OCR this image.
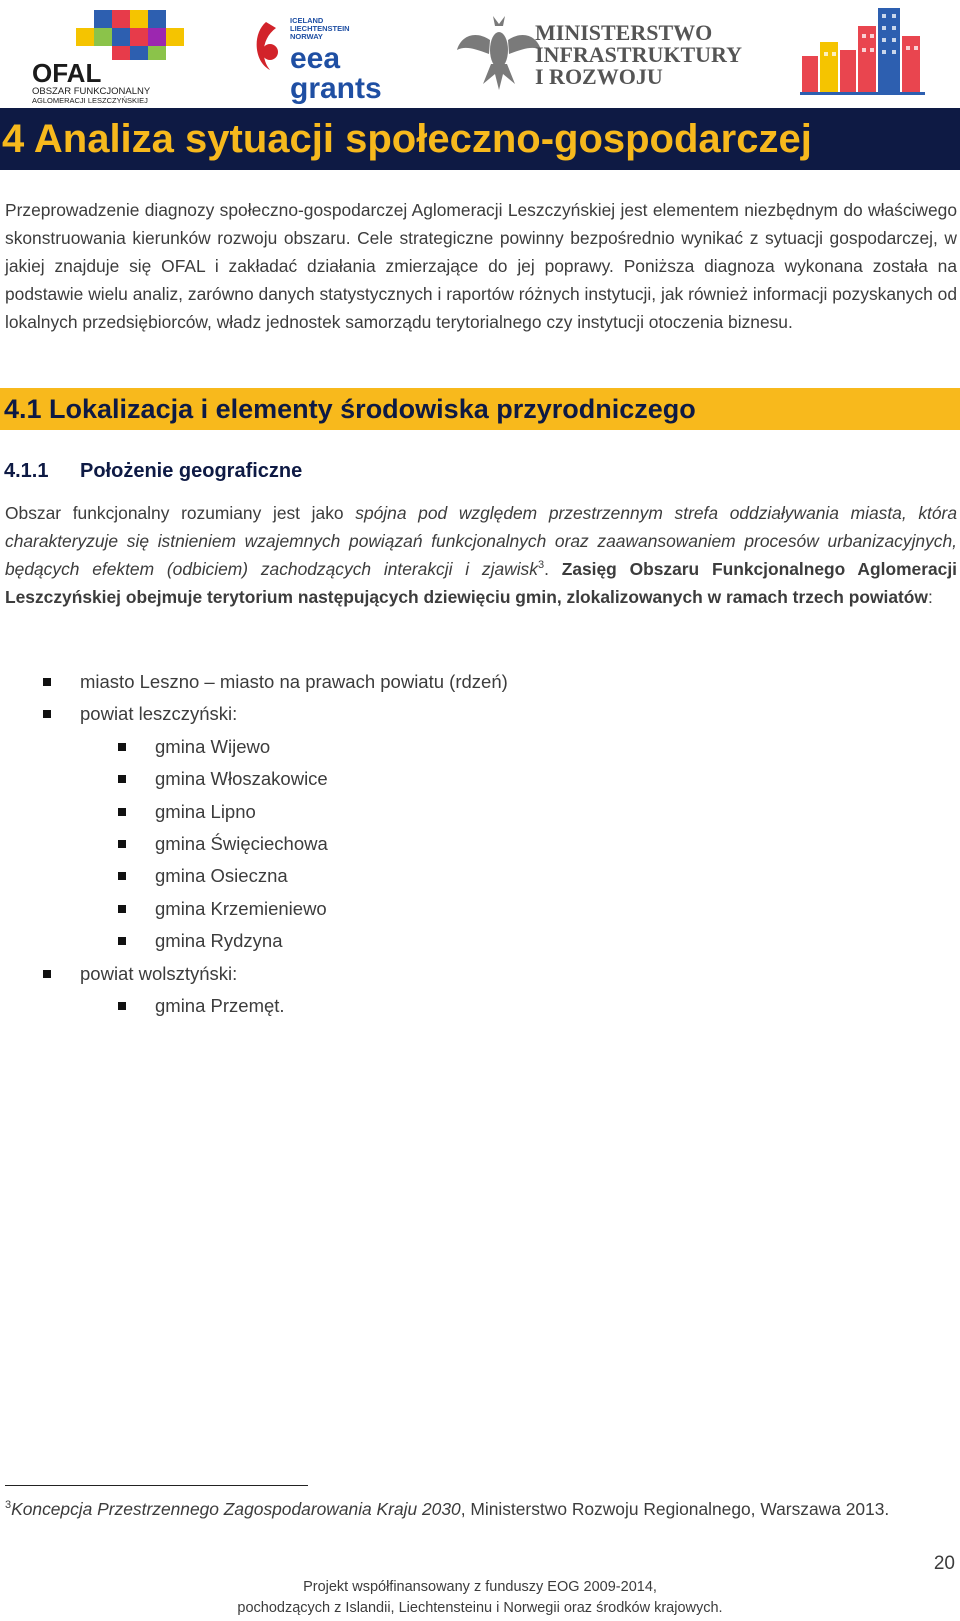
OFAL
OBSZAR FUNKCJONALNY
AGLOMERACJI LESZCZYŃSKIEJ
ICELAND
LIECHTENSTEIN
NORWAY
eea
grants
MINISTERSTWO
INFRASTRUKTURY
I ROZWOJU
4 Analiza sytuacji społeczno-gospodarczej

Przeprowadzenie diagnozy społeczno-gospodarczej Aglomeracji Leszczyńskiej jest elementem niezbędnym do właściwego skonstruowania kierunków rozwoju obszaru. Cele strategiczne powinny bezpośrednio wynikać z sytuacji gospodarczej, w jakiej znajduje się OFAL i zakładać działania zmierzające do jej poprawy. Poniższa diagnoza wykonana została na podstawie wielu analiz, zarówno danych statystycznych i raportów różnych instytucji, jak również informacji pozyskanych od lokalnych przedsiębiorców, władz jednostek samorządu terytorialnego czy instytucji otoczenia biznesu.

4.1 Lokalizacja i elementy środowiska przyrodniczego
4.1.1 Położenie geograficzne

Obszar funkcjonalny rozumiany jest jako spójna pod względem przestrzennym strefa oddziaływania miasta, która charakteryzuje się istnieniem wzajemnych powiązań funkcjonalnych oraz zaawansowaniem procesów urbanizacyjnych, będących efektem (odbiciem) zachodzących interakcji i zjawisk$^3$. Zasięg Obszaru Funkcjonalnego Aglomeracji Leszczyńskiej obejmuje terytorium następujących dziewięciu gmin, zlokalizowanych w ramach trzech powiatów:

miasto Leszno – miasto na prawach powiatu (rdzeń)
powiat leszczyński:
gmina Wijewo
gmina Włoszakowice
gmina Lipno
gmina Święciechowa
gmina Osieczna
gmina Krzemieniewo
gmina Rydzyna
powiat wolsztyński:
gmina Przemęt.

$^3$Koncepcja Przestrzennego Zagospodarowania Kraju 2030, Ministerstwo Rozwoju Regionalnego, Warszawa 2013.

20
Projekt współfinansowany z funduszy EOG 2009-2014,
pochodzących z Islandii, Liechtensteinu i Norwegii oraz środków krajowych.
